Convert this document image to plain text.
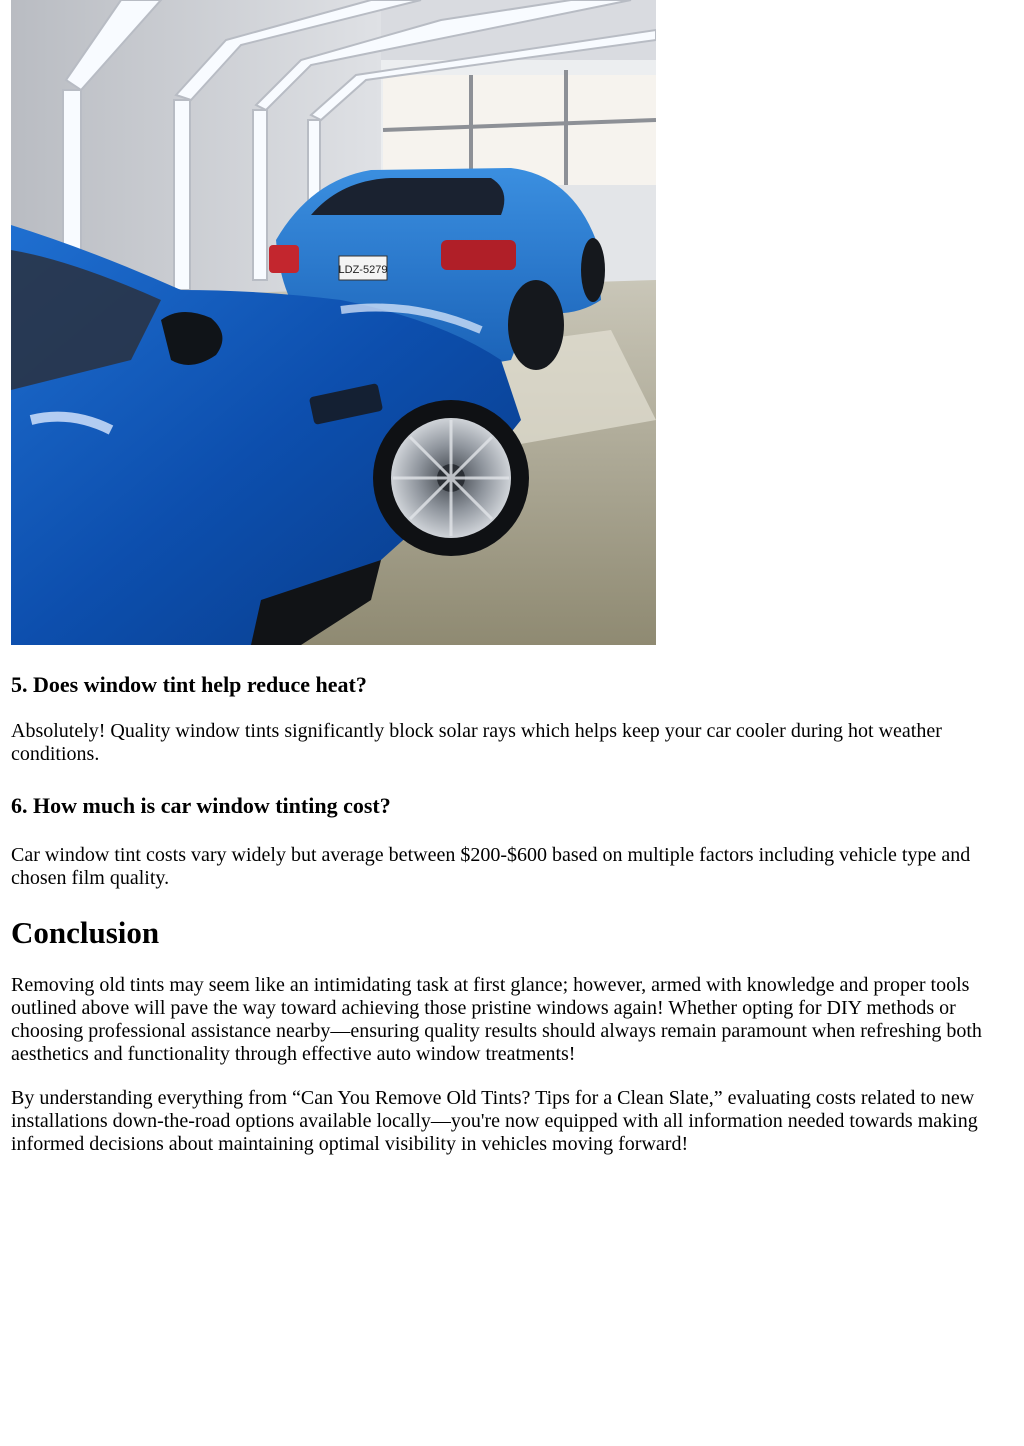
LDZ-5279
5. Does window tint help reduce heat?

Absolutely! Quality window tints significantly block solar rays which helps keep your car cooler during hot weather conditions.

6. How much is car window tinting cost?

Car window tint costs vary widely but average between $200-$600 based on multiple factors including vehicle type and chosen film quality.

Conclusion

Removing old tints may seem like an intimidating task at first glance; however, armed with knowledge and proper tools outlined above will pave the way toward achieving those pristine windows again! Whether opting for DIY methods or choosing professional assistance nearby—ensuring quality results should always remain paramount when refreshing both aesthetics and functionality through effective auto window treatments!

By understanding everything from “Can You Remove Old Tints? Tips for a Clean Slate,” evaluating costs related to new installations down-the-road options available locally—you're now equipped with all information needed towards making informed decisions about maintaining optimal visibility in vehicles moving forward!
